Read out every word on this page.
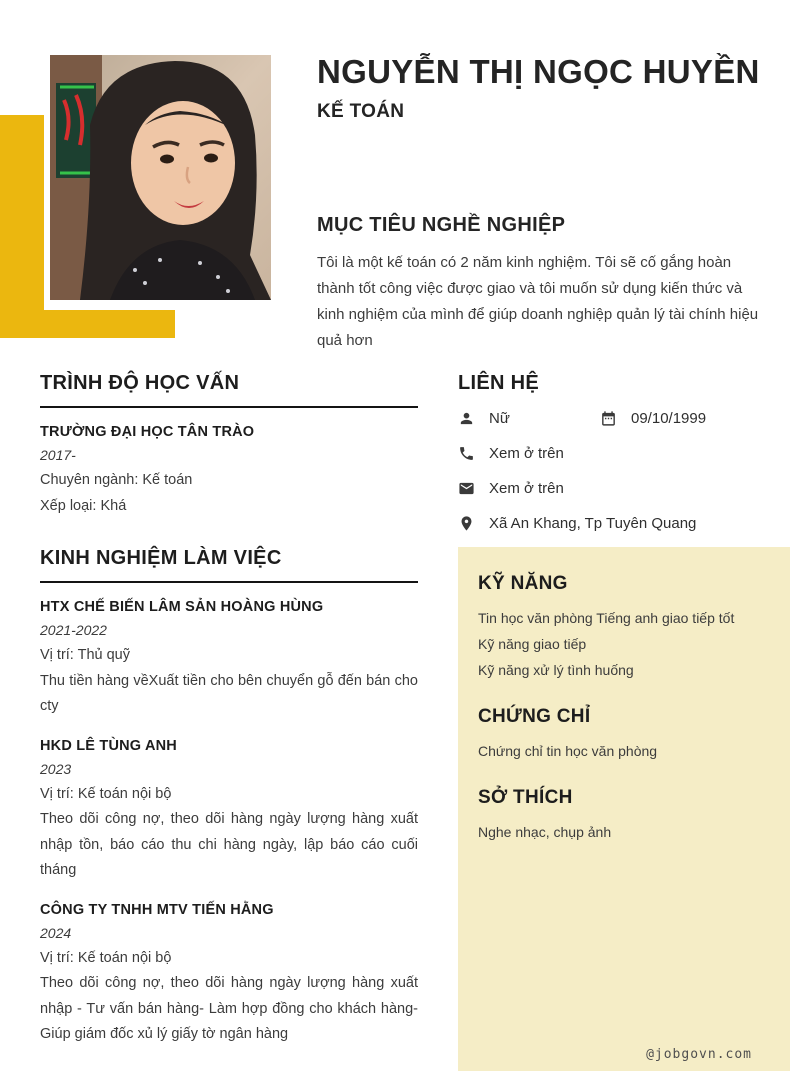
NGUYỄN THỊ NGỌC HUYỀN
KẾ TOÁN
MỤC TIÊU NGHỀ NGHIỆP

Tôi là một kế toán có 2 năm kinh nghiệm. Tôi sẽ cố gắng hoàn thành tốt công việc được giao và tôi muốn sử dụng kiến thức và kinh nghiệm của mình để giúp doanh nghiệp quản lý tài chính hiệu quả hơn

TRÌNH ĐỘ HỌC VẤN
TRƯỜNG ĐẠI HỌC TÂN TRÀO
2017-
Chuyên ngành: Kế toán
Xếp loại: Khá
KINH NGHIỆM LÀM VIỆC
HTX CHẾ BIẾN LÂM SẢN HOÀNG HÙNG
2021-2022
Vị trí: Thủ quỹ
Thu tiền hàng vềXuất tiền cho bên chuyển gỗ đến bán cho cty
HKD LÊ TÙNG ANH
2023
Vị trí: Kế toán nội bộ
Theo dõi công nợ, theo dõi hàng ngày lượng hàng xuất nhập tồn, báo cáo thu chi hàng ngày, lập báo cáo cuối tháng
CÔNG TY TNHH MTV TIẾN HẰNG
2024
Vị trí: Kế toán nội bộ
Theo dõi công nợ, theo dõi hàng ngày lượng hàng xuất nhập - Tư vấn bán hàng- Làm hợp đồng cho khách hàng- Giúp giám đốc xủ lý giấy tờ ngân hàng
LIÊN HỆ
Nữ	09/10/1999
Xem ở trên
Xem ở trên
Xã An Khang, Tp Tuyên Quang
KỸ NĂNG
Tin học văn phòng Tiếng anh giao tiếp tốt
Kỹ năng giao tiếp
Kỹ năng xử lý tình huống
CHỨNG CHỈ
Chứng chỉ tin học văn phòng
SỞ THÍCH
Nghe nhạc, chụp ảnh
@jobgovn.com
